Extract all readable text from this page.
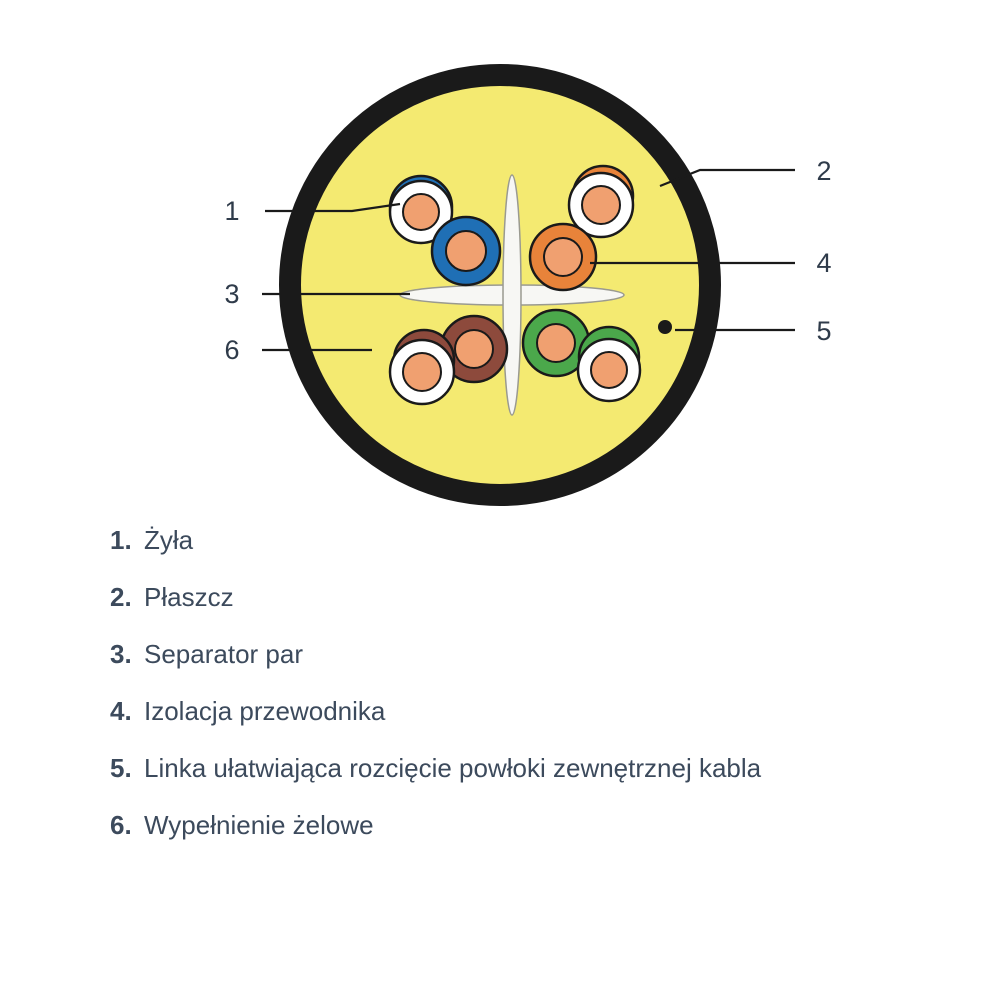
1
2
3
4
5
6
1. Żyła
2. Płaszcz
3. Separator par
4. Izolacja przewodnika
5. Linka ułatwiająca rozcięcie powłoki zewnętrznej kabla
6. Wypełnienie żelowe
